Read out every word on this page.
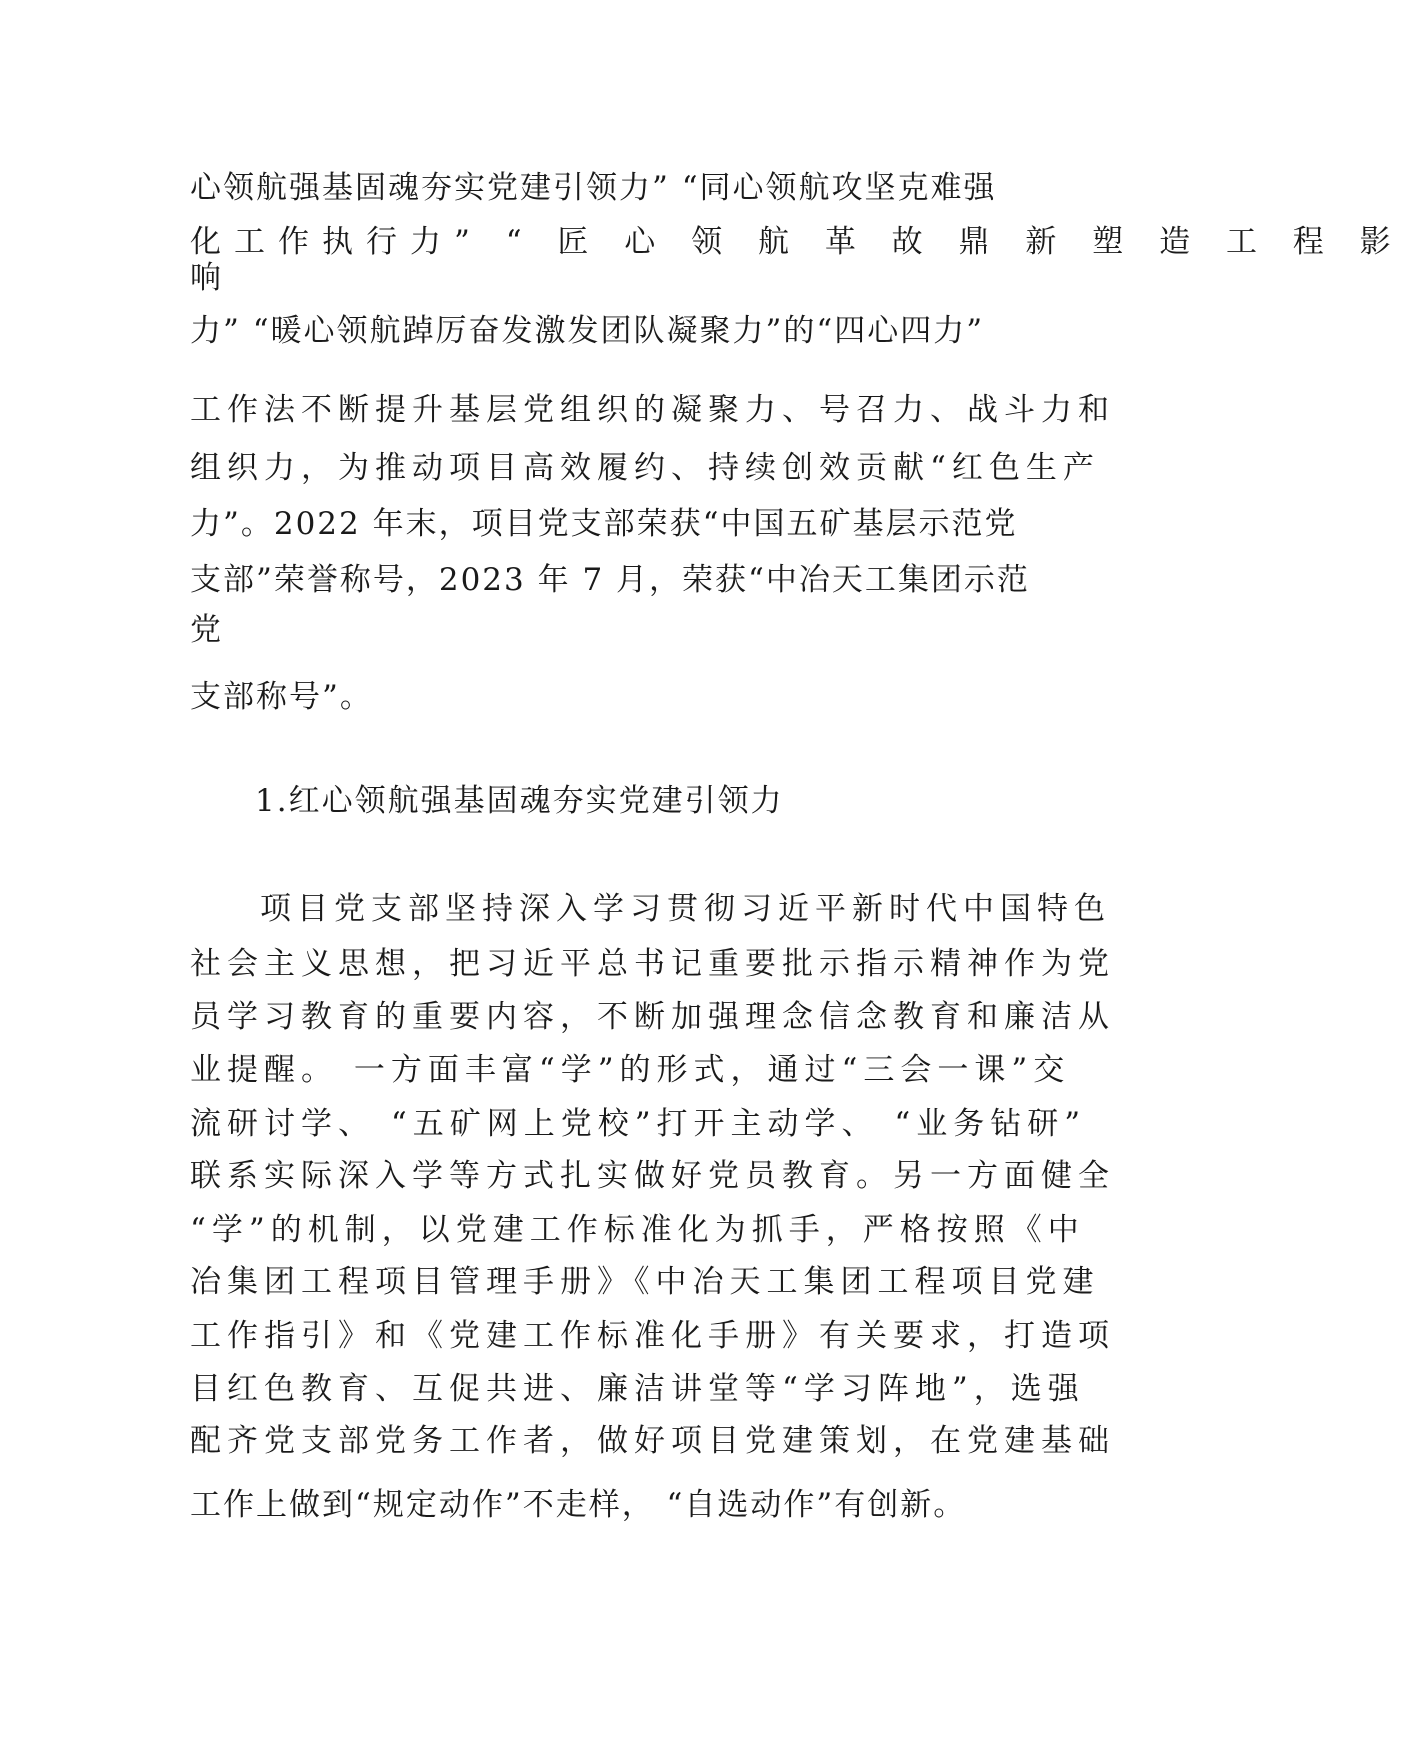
心领航强基固魂夯实党建引领力” “同心领航攻坚克难强
化工作执行力” “ 匠 心 领 航 革 故 鼎 新 塑 造 工 程 影
响
力” “暖心领航踔厉奋发激发团队凝聚力”的“四心四力”
工作法不断提升基层党组织的凝聚力、号召力、战斗力和
组织力，为推动项目高效履约、持续创效贡献“红色生产
力”。2022 年末，项目党支部荣获“中国五矿基层示范党
支部”荣誉称号，2023 年 7 月，荣获“中冶天工集团示范
党
支部称号”。
1.红心领航强基固魂夯实党建引领力
项目党支部坚持深入学习贯彻习近平新时代中国特色
社会主义思想，把习近平总书记重要批示指示精神作为党
员学习教育的重要内容，不断加强理念信念教育和廉洁从
业提醒。 一方面丰富“学”的形式，通过“三会一课”交
流研讨学、 “五矿网上党校”打开主动学、 “业务钻研”
联系实际深入学等方式扎实做好党员教育。另一方面健全
“学”的机制，以党建工作标准化为抓手，严格按照《中
冶集团工程项目管理手册》《中冶天工集团工程项目党建
工作指引》和《党建工作标准化手册》有关要求，打造项
目红色教育、互促共进、廉洁讲堂等“学习阵地”，选强
配齐党支部党务工作者，做好项目党建策划，在党建基础
工作上做到“规定动作”不走样， “自选动作”有创新。
